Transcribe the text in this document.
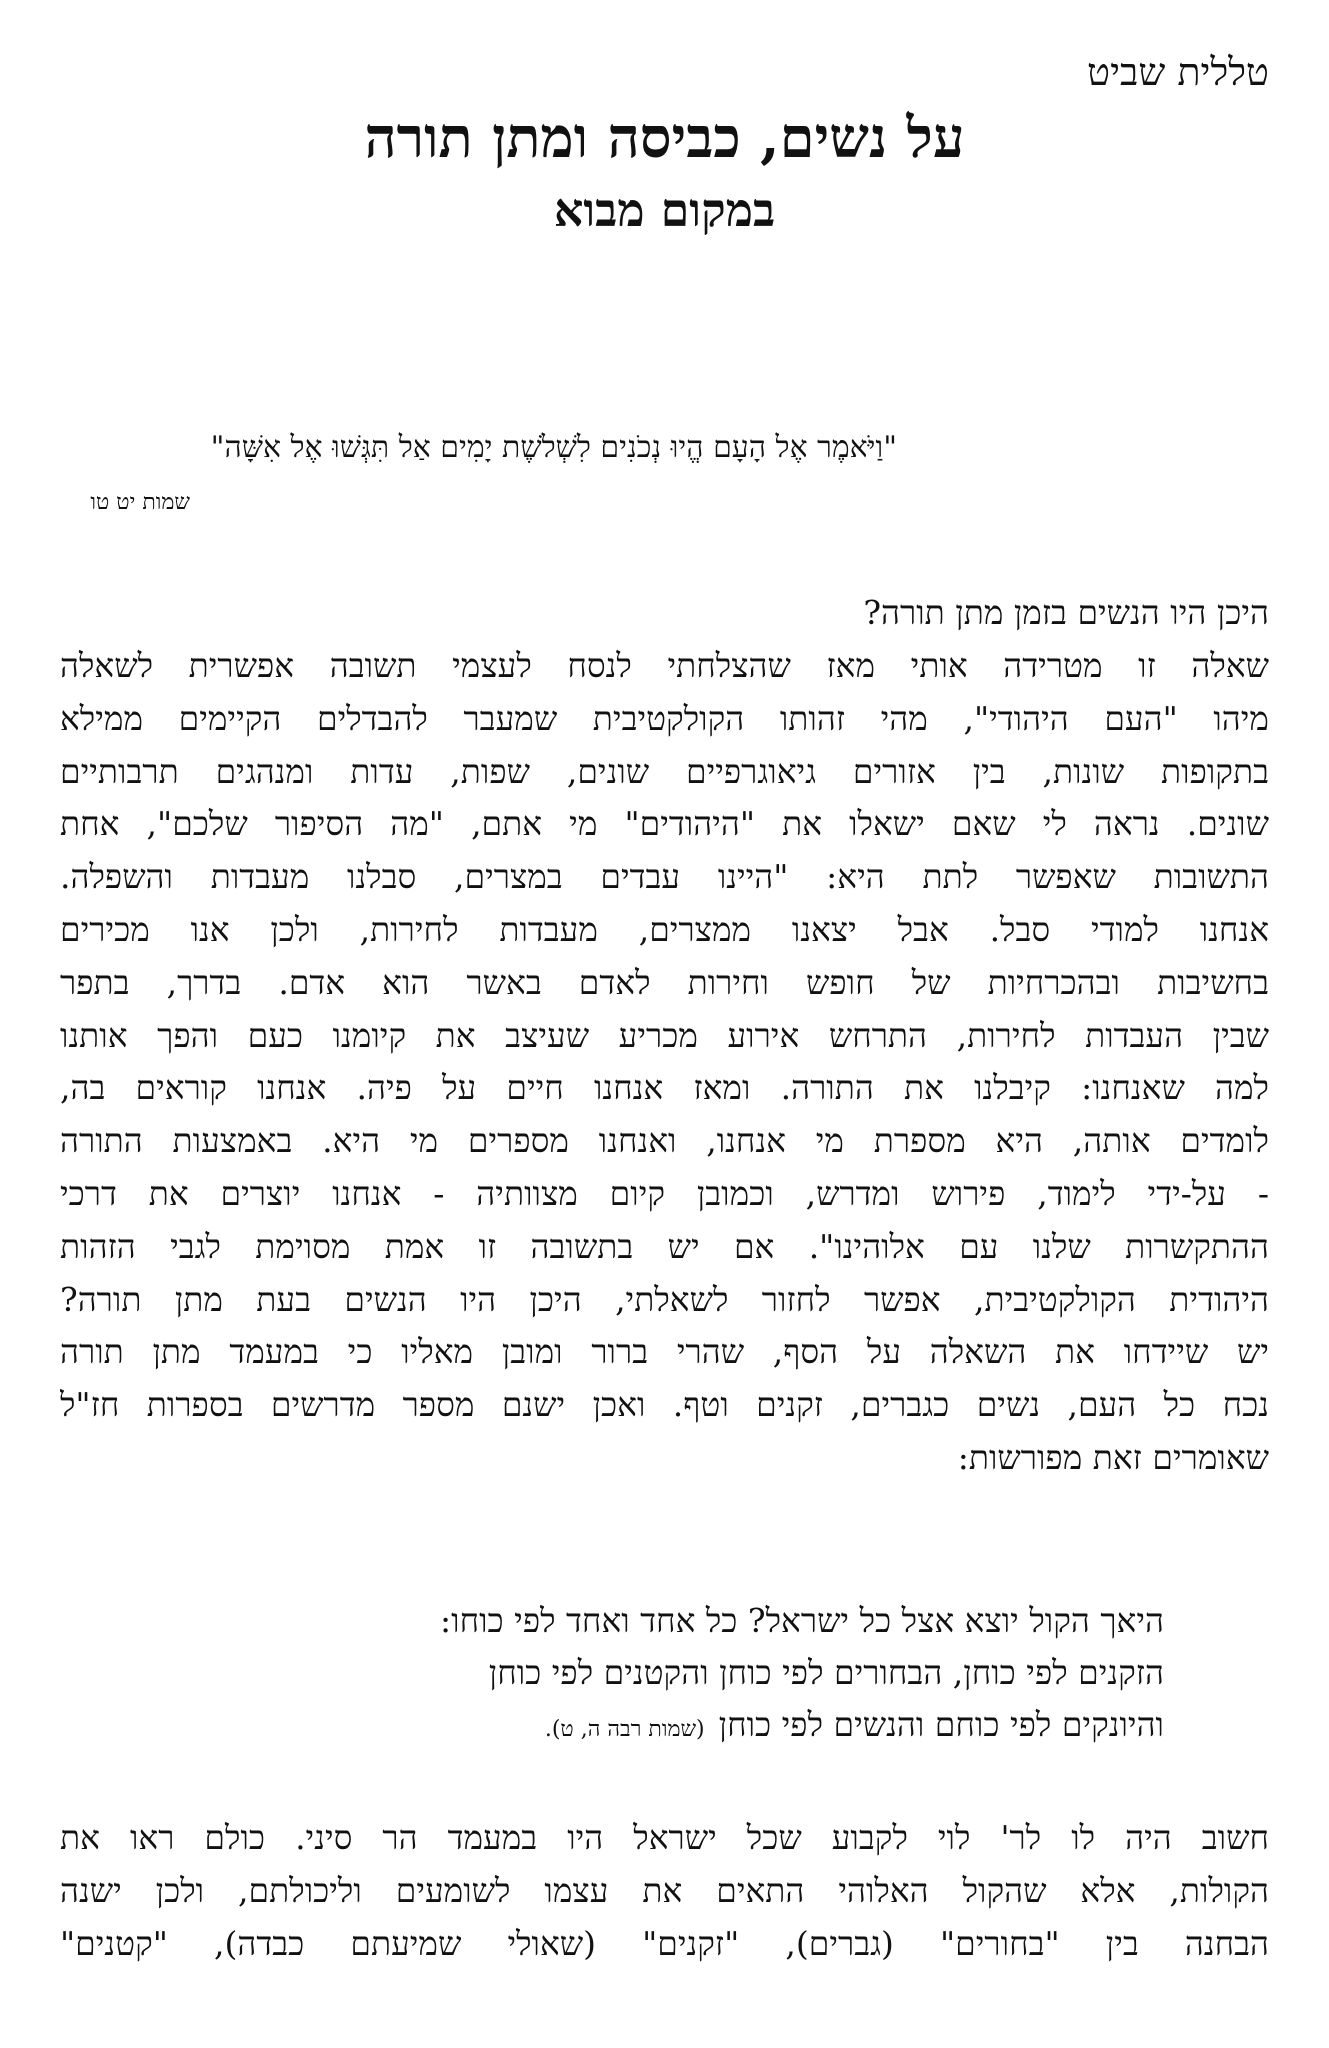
טללית שביט
על נשים, כביסה ומתן תורה
במקום מבוא
"וַיֹּאמֶר אֶל הָעָם הֱיוּ נְכֹנִים לִשְׁלֹשֶׁת יָמִים אַל תִּגְּשׁוּ אֶל אִשָּׁה"
שמות יט טו
היכן היו הנשים בזמן מתן תורה?
שאלה זו מטרידה אותי מאז שהצלחתי לנסח לעצמי תשובה אפשרית לשאלה
מיהו "העם היהודי", מהי זהותו הקולקטיבית שמעבר להבדלים הקיימים ממילא
בתקופות שונות, בין אזורים גיאוגרפיים שונים, שפות, עדות ומנהגים תרבותיים
שונים. נראה לי שאם ישאלו את "היהודים" מי אתם, "מה הסיפור שלכם", אחת
התשובות שאפשר לתת היא: "היינו עבדים במצרים, סבלנו מעבדות והשפלה.
אנחנו למודי סבל. אבל יצאנו ממצרים, מעבדות לחירות, ולכן אנו מכירים
בחשיבות ובהכרחיות של חופש וחירות לאדם באשר הוא אדם. בדרך, בתפר
שבין העבדות לחירות, התרחש אירוע מכריע שעיצב את קיומנו כעם והפך אותנו
למה שאנחנו: קיבלנו את התורה. ומאז אנחנו חיים על פיה. אנחנו קוראים בה,
לומדים אותה, היא מספרת מי אנחנו, ואנחנו מספרים מי היא. באמצעות התורה
- על-ידי לימוד, פירוש ומדרש, וכמובן קיום מצוותיה - אנחנו יוצרים את דרכי
ההתקשרות שלנו עם אלוהינו". אם יש בתשובה זו אמת מסוימת לגבי הזהות
היהודית הקולקטיבית, אפשר לחזור לשאלתי, היכן היו הנשים בעת מתן תורה?
יש שיידחו את השאלה על הסף, שהרי ברור ומובן מאליו כי במעמד מתן תורה
נכח כל העם, נשים כגברים, זקנים וטף. ואכן ישנם מספר מדרשים בספרות חז"ל
שאומרים זאת מפורשות:
היאך הקול יוצא אצל כל ישראל? כל אחד ואחד לפי כוחו:
הזקנים לפי כוחן, הבחורים לפי כוחן והקטנים לפי כוחן
והיונקים לפי כוחם והנשים לפי כוחן(שמות רבה ה, ט).
חשוב היה לו לר' לוי לקבוע שכל ישראל היו במעמד הר סיני. כולם ראו את
הקולות, אלא שהקול האלוהי התאים את עצמו לשומעים וליכולתם, ולכן ישנה
הבחנה בין "בחורים" (גברים), "זקנים" (שאולי שמיעתם כבדה), "קטנים"
